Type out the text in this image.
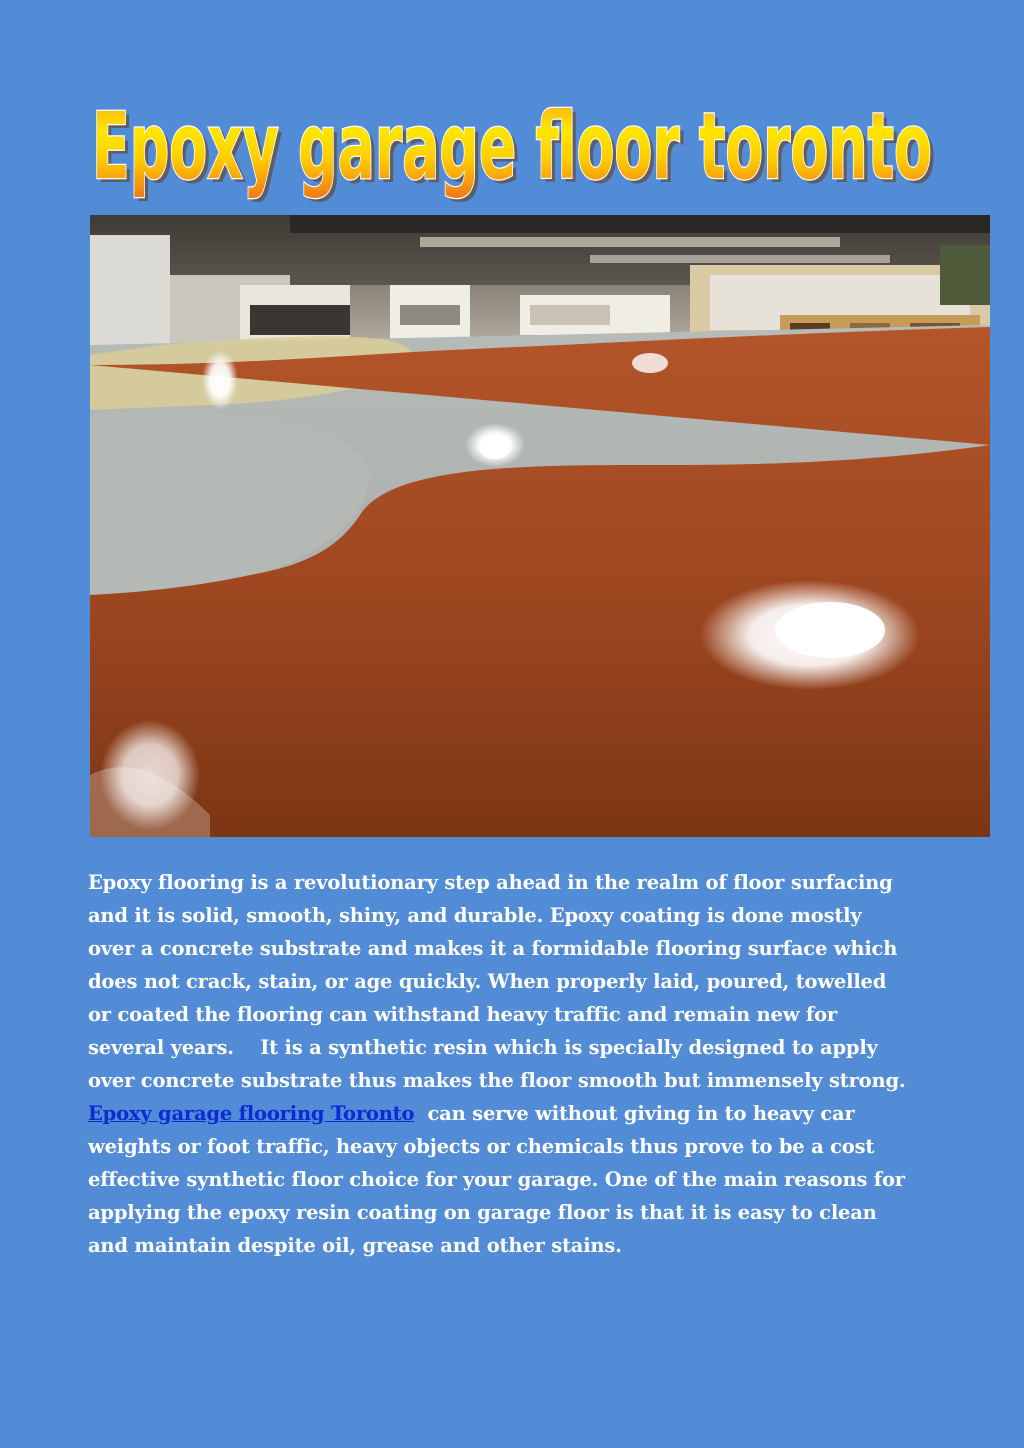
Epoxy garage floor toronto
Epoxy garage floor toronto
Epoxy flooring is a revolutionary step ahead in the realm of floor surfacing
and it is solid, smooth, shiny, and durable. Epoxy coating is done mostly
over a concrete substrate and makes it a formidable flooring surface which
does not crack, stain, or age quickly. When properly laid, poured, towelled
or coated the flooring can withstand heavy traffic and remain new for
several years.    It is a synthetic resin which is specially designed to apply
over concrete substrate thus makes the floor smooth but immensely strong.
Epoxy garage flooring Toronto  can serve without giving in to heavy car
weights or foot traffic, heavy objects or chemicals thus prove to be a cost
effective synthetic floor choice for your garage. One of the main reasons for
applying the epoxy resin coating on garage floor is that it is easy to clean
and maintain despite oil, grease and other stains.
